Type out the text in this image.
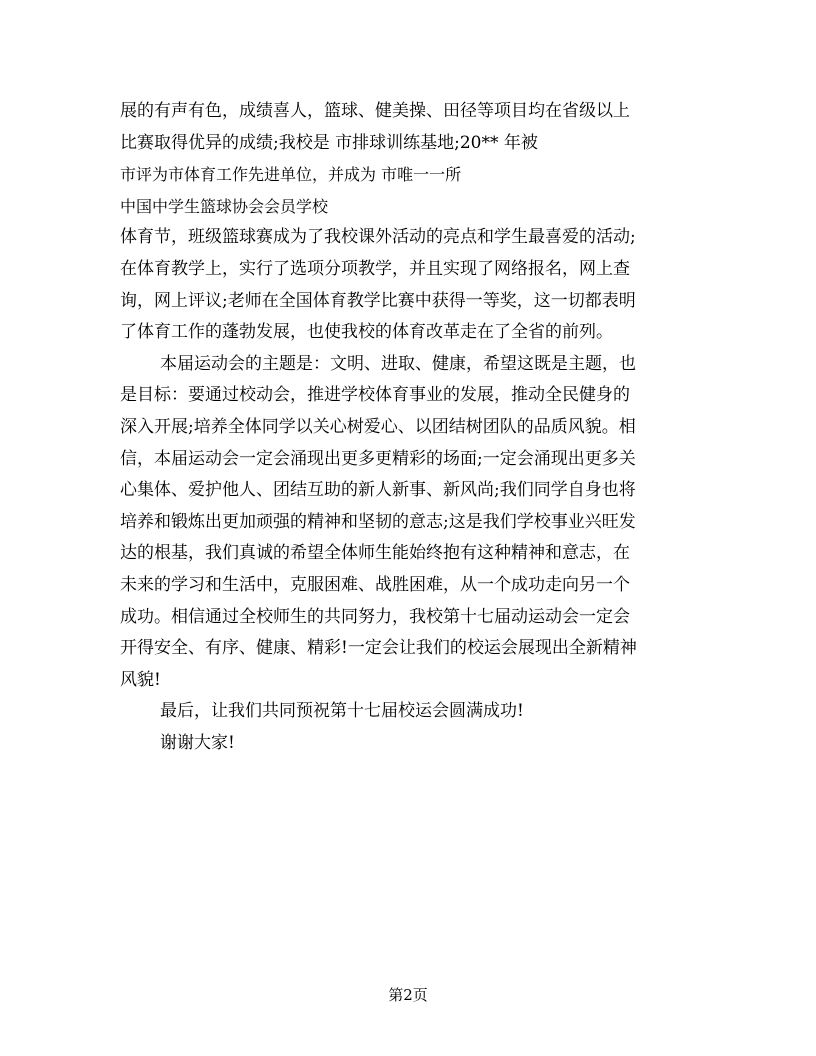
展的有声有色，成绩喜人，篮球、健美操、田径等项目均在省级以上
比赛取得优异的成绩;我校是 市排球训练基地;20** 年被
市评为市体育工作先进单位，并成为 市唯一一所
中国中学生篮球协会会员学校
体育节，班级篮球赛成为了我校课外活动的亮点和学生最喜爱的活动;
在体育教学上，实行了选项分项教学，并且实现了网络报名，网上查
询，网上评议;老师在全国体育教学比赛中获得一等奖，这一切都表明
了体育工作的蓬勃发展，也使我校的体育改革走在了全省的前列。
本届运动会的主题是：文明、进取、健康，希望这既是主题，也
是目标：要通过校动会，推进学校体育事业的发展，推动全民健身的
深入开展;培养全体同学以关心树爱心、以团结树团队的品质风貌。相
信，本届运动会一定会涌现出更多更精彩的场面;一定会涌现出更多关
心集体、爱护他人、团结互助的新人新事、新风尚;我们同学自身也将
培养和锻炼出更加顽强的精神和坚韧的意志;这是我们学校事业兴旺发
达的根基，我们真诚的希望全体师生能始终抱有这种精神和意志，在
未来的学习和生活中，克服困难、战胜困难，从一个成功走向另一个
成功。相信通过全校师生的共同努力，我校第十七届动运动会一定会
开得安全、有序、健康、精彩!一定会让我们的校运会展现出全新精神
风貌!
最后，让我们共同预祝第十七届校运会圆满成功!
谢谢大家!
第2页
